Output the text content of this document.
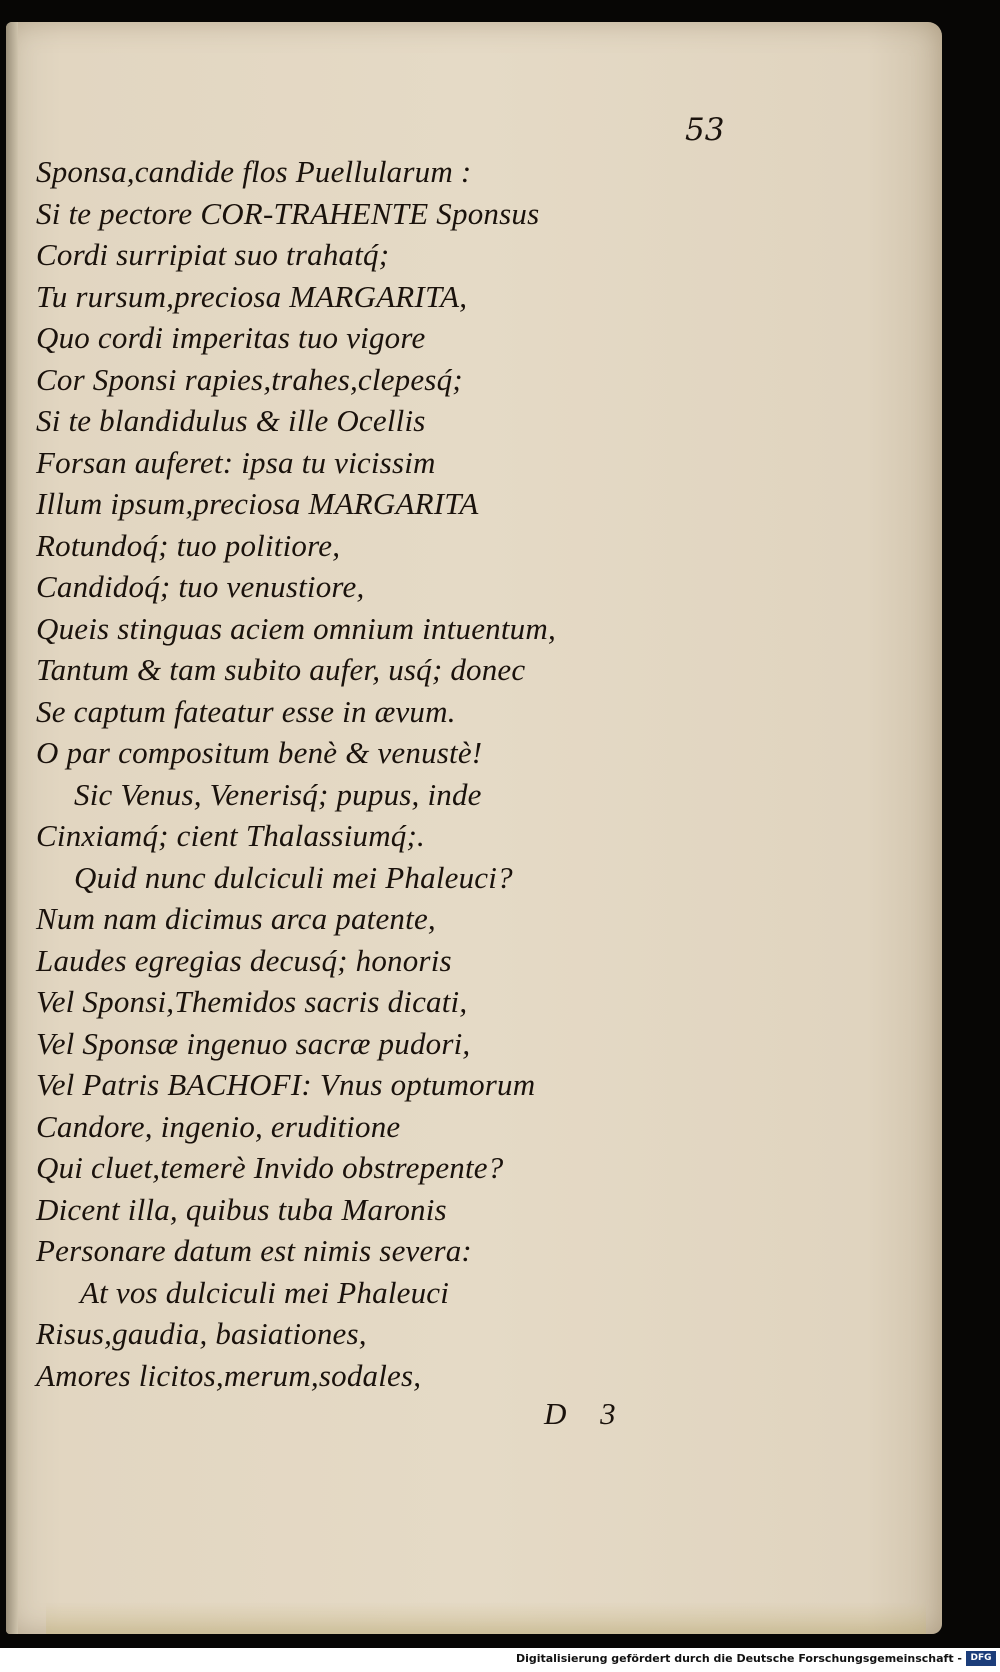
53
Sponsa,candide flos Puellularum :
Si te pectore COR-TRAHENTE Sponsus
Cordi surripiat suo trahatq́;
Tu rursum,preciosa MARGARITA,
Quo cordi imperitas tuo vigore
Cor Sponsi rapies,trahes,clepesq́;
Si te blandidulus & ille Ocellis
Forsan auferet: ipsa tu vicissim
Illum ipsum,preciosa MARGARITA
Rotundoq́; tuo politiore,
Candidoq́; tuo venustiore,
Queis stinguas aciem omnium intuentum,
Tantum & tam subito aufer, usq́; donec
Se captum fateatur esse in ævum.
O par compositum benè & venustè!
Sic Venus, Venerisq́; pupus, inde
Cinxiamq́; cient Thalassiumq́;.
Quid nunc dulciculi mei Phaleuci?
Num nam dicimus arca patente,
Laudes egregias decusq́; honoris
Vel Sponsi,Themidos sacris dicati,
Vel Sponsæ ingenuo sacræ pudori,
Vel Patris BACHOFI: Vnus optumorum
Candore, ingenio, eruditione
Qui cluet,temerè Invido obstrepente?
Dicent illa, quibus tuba Maronis
Personare datum est nimis severa:
At vos dulciculi mei Phaleuci
Risus,gaudia, basiationes,
Amores licitos,merum,sodales,
D 3
Digitalisierung gefördert durch die Deutsche Forschungsgemeinschaft - DFG
